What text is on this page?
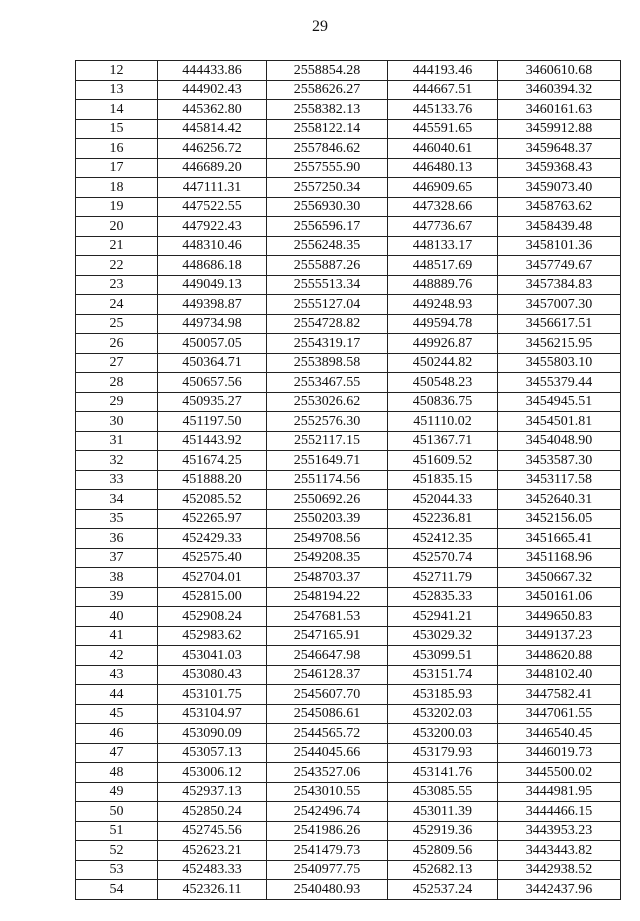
29
12	444433.86	2558854.28	444193.46	3460610.68
13	444902.43	2558626.27	444667.51	3460394.32
14	445362.80	2558382.13	445133.76	3460161.63
15	445814.42	2558122.14	445591.65	3459912.88
16	446256.72	2557846.62	446040.61	3459648.37
17	446689.20	2557555.90	446480.13	3459368.43
18	447111.31	2557250.34	446909.65	3459073.40
19	447522.55	2556930.30	447328.66	3458763.62
20	447922.43	2556596.17	447736.67	3458439.48
21	448310.46	2556248.35	448133.17	3458101.36
22	448686.18	2555887.26	448517.69	3457749.67
23	449049.13	2555513.34	448889.76	3457384.83
24	449398.87	2555127.04	449248.93	3457007.30
25	449734.98	2554728.82	449594.78	3456617.51
26	450057.05	2554319.17	449926.87	3456215.95
27	450364.71	2553898.58	450244.82	3455803.10
28	450657.56	2553467.55	450548.23	3455379.44
29	450935.27	2553026.62	450836.75	3454945.51
30	451197.50	2552576.30	451110.02	3454501.81
31	451443.92	2552117.15	451367.71	3454048.90
32	451674.25	2551649.71	451609.52	3453587.30
33	451888.20	2551174.56	451835.15	3453117.58
34	452085.52	2550692.26	452044.33	3452640.31
35	452265.97	2550203.39	452236.81	3452156.05
36	452429.33	2549708.56	452412.35	3451665.41
37	452575.40	2549208.35	452570.74	3451168.96
38	452704.01	2548703.37	452711.79	3450667.32
39	452815.00	2548194.22	452835.33	3450161.06
40	452908.24	2547681.53	452941.21	3449650.83
41	452983.62	2547165.91	453029.32	3449137.23
42	453041.03	2546647.98	453099.51	3448620.88
43	453080.43	2546128.37	453151.74	3448102.40
44	453101.75	2545607.70	453185.93	3447582.41
45	453104.97	2545086.61	453202.03	3447061.55
46	453090.09	2544565.72	453200.03	3446540.45
47	453057.13	2544045.66	453179.93	3446019.73
48	453006.12	2543527.06	453141.76	3445500.02
49	452937.13	2543010.55	453085.55	3444981.95
50	452850.24	2542496.74	453011.39	3444466.15
51	452745.56	2541986.26	452919.36	3443953.23
52	452623.21	2541479.73	452809.56	3443443.82
53	452483.33	2540977.75	452682.13	3442938.52
54	452326.11	2540480.93	452537.24	3442437.96
